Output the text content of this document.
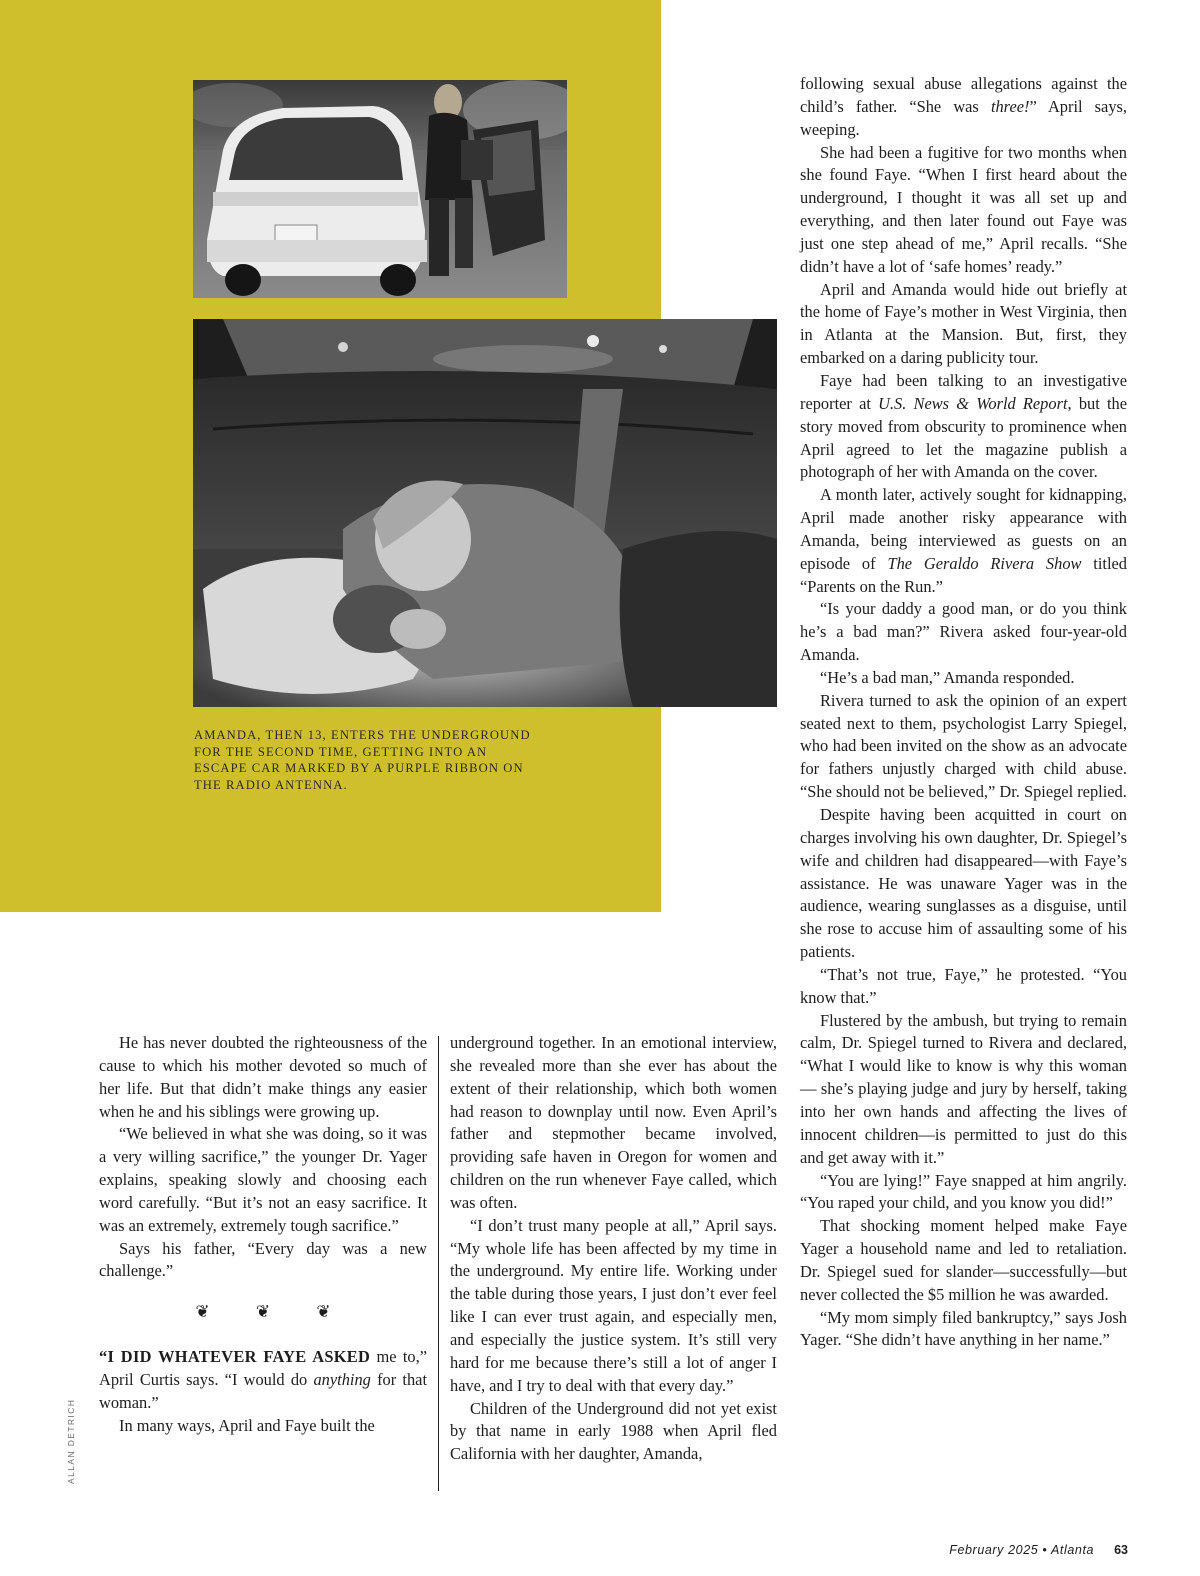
AMANDA, THEN 13, ENTERS THE UNDERGROUND FOR THE SECOND TIME, GETTING INTO AN ESCAPE CAR MARKED BY A PURPLE RIBBON ON THE RADIO ANTENNA.

He has never doubted the righteousness of the cause to which his mother devoted so much of her life. But that didn’t make things any easier when he and his siblings were growing up.

“We believed in what she was doing, so it was a very willing sacrifice,” the younger Dr. Yager explains, speaking slowly and choosing each word carefully. “But it’s not an easy sacrifice. It was an extremely, extremely tough sacrifice.”

Says his father, “Every day was a new challenge.”

❦	❦	❦

“I DID WHATEVER FAYE ASKED me to,” April Curtis says. “I would do anything for that woman.”

In many ways, April and Faye built the

underground together. In an emotional interview, she revealed more than she ever has about the extent of their relationship, which both women had reason to downplay until now. Even April’s father and stepmother became involved, providing safe haven in Oregon for women and children on the run whenever Faye called, which was often.

“I don’t trust many people at all,” April says. “My whole life has been affected by my time in the underground. My entire life. Working under the table during those years, I just don’t ever feel like I can ever trust again, and especially men, and especially the justice system. It’s still very hard for me because there’s still a lot of anger I have, and I try to deal with that every day.”

Children of the Underground did not yet exist by that name in early 1988 when April fled California with her daughter, Amanda,

following sexual abuse allegations against the child’s father. “She was three!” April says, weeping.

She had been a fugitive for two months when she found Faye. “When I first heard about the underground, I thought it was all set up and everything, and then later found out Faye was just one step ahead of me,” April recalls. “She didn’t have a lot of ‘safe homes’ ready.”

April and Amanda would hide out briefly at the home of Faye’s mother in West Virginia, then in Atlanta at the Mansion. But, first, they embarked on a daring publicity tour.

Faye had been talking to an investigative reporter at U.S. News & World Report, but the story moved from obscurity to prominence when April agreed to let the magazine publish a photograph of her with Amanda on the cover.

A month later, actively sought for kidnapping, April made another risky appearance with Amanda, being interviewed as guests on an episode of The Geraldo Rivera Show titled “Parents on the Run.”

“Is your daddy a good man, or do you think he’s a bad man?” Rivera asked four-year-old Amanda.

“He’s a bad man,” Amanda responded.

Rivera turned to ask the opinion of an expert seated next to them, psychologist Larry Spiegel, who had been invited on the show as an advocate for fathers unjustly charged with child abuse. “She should not be believed,” Dr. Spiegel replied.

Despite having been acquitted in court on charges involving his own daughter, Dr. Spiegel’s wife and children had disappeared—with Faye’s assistance. He was unaware Yager was in the audience, wearing sunglasses as a disguise, until she rose to accuse him of assaulting some of his patients.

“That’s not true, Faye,” he protested. “You know that.”

Flustered by the ambush, but trying to remain calm, Dr. Spiegel turned to Rivera and declared, “What I would like to know is why this woman— she’s playing judge and jury by herself, taking into her own hands and affecting the lives of innocent children—is permitted to just do this and get away with it.”

“You are lying!” Faye snapped at him angrily. “You raped your child, and you know you did!”

That shocking moment helped make Faye Yager a household name and led to retaliation. Dr. Spiegel sued for slander—successfully—but never collected the $5 million he was awarded.

“My mom simply filed bankruptcy,” says Josh Yager. “She didn’t have anything in her name.”

ALLAN DETRICH
February 2025 • Atlanta 63
